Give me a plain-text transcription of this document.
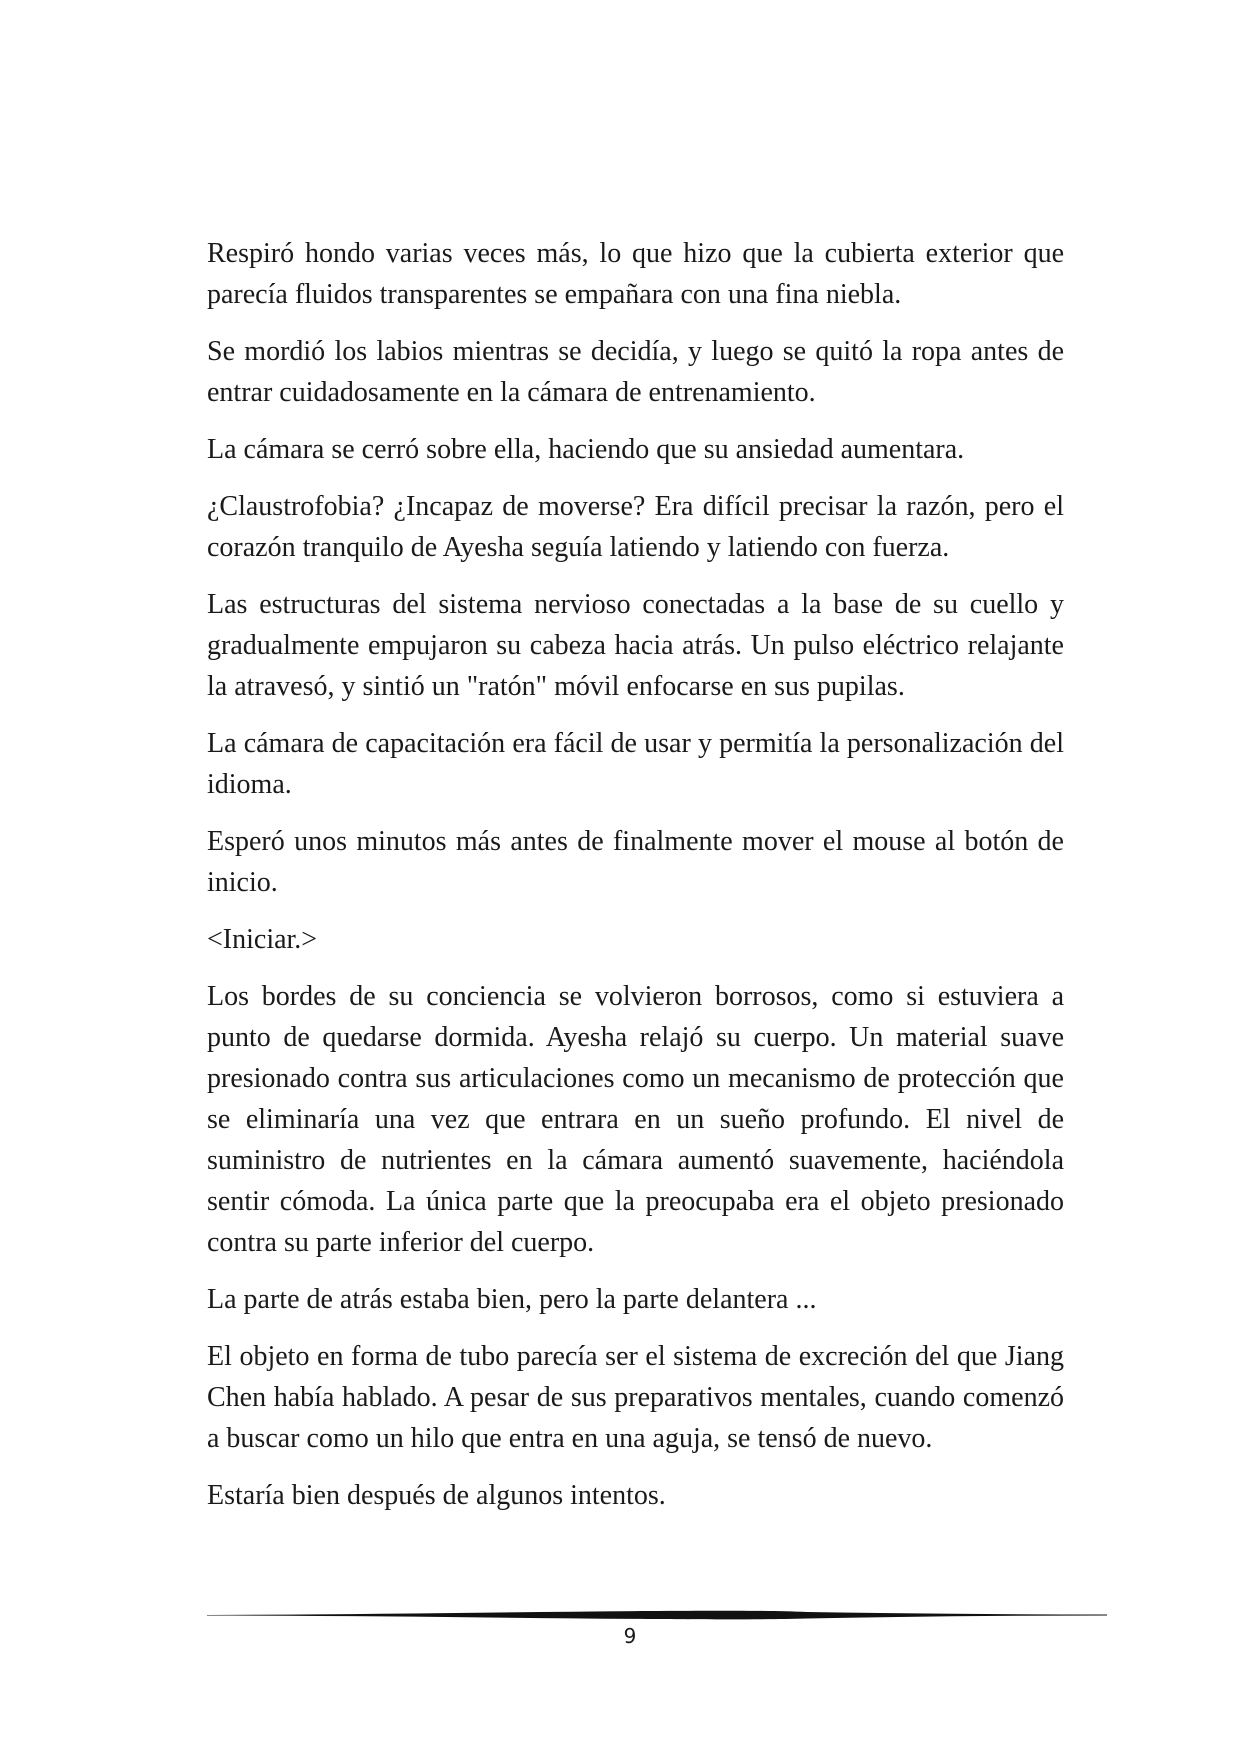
Respiró hondo varias veces más, lo que hizo que la cubierta exterior que parecía fluidos transparentes se empañara con una fina niebla.

Se mordió los labios mientras se decidía, y luego se quitó la ropa antes de entrar cuidadosamente en la cámara de entrenamiento.

La cámara se cerró sobre ella, haciendo que su ansiedad aumentara.

¿Claustrofobia? ¿Incapaz de moverse? Era difícil precisar la razón, pero el corazón tranquilo de Ayesha seguía latiendo y latiendo con fuerza.

Las estructuras del sistema nervioso conectadas a la base de su cuello y gradualmente empujaron su cabeza hacia atrás. Un pulso eléctrico relajante la atravesó, y sintió un "ratón" móvil enfocarse en sus pupilas.

La cámara de capacitación era fácil de usar y permitía la personalización del idioma.

Esperó unos minutos más antes de finalmente mover el mouse al botón de inicio.

<Iniciar.>

Los bordes de su conciencia se volvieron borrosos, como si estuviera a punto de quedarse dormida. Ayesha relajó su cuerpo. Un material suave presionado contra sus articulaciones como un mecanismo de protección que se eliminaría una vez que entrara en un sueño profundo. El nivel de suministro de nutrientes en la cámara aumentó suavemente, haciéndola sentir cómoda. La única parte que la preocupaba era el objeto presionado contra su parte inferior del cuerpo.

La parte de atrás estaba bien, pero la parte delantera ...

El objeto en forma de tubo parecía ser el sistema de excreción del que Jiang Chen había hablado. A pesar de sus preparativos mentales, cuando comenzó a buscar como un hilo que entra en una aguja, se tensó de nuevo.

Estaría bien después de algunos intentos.

9
